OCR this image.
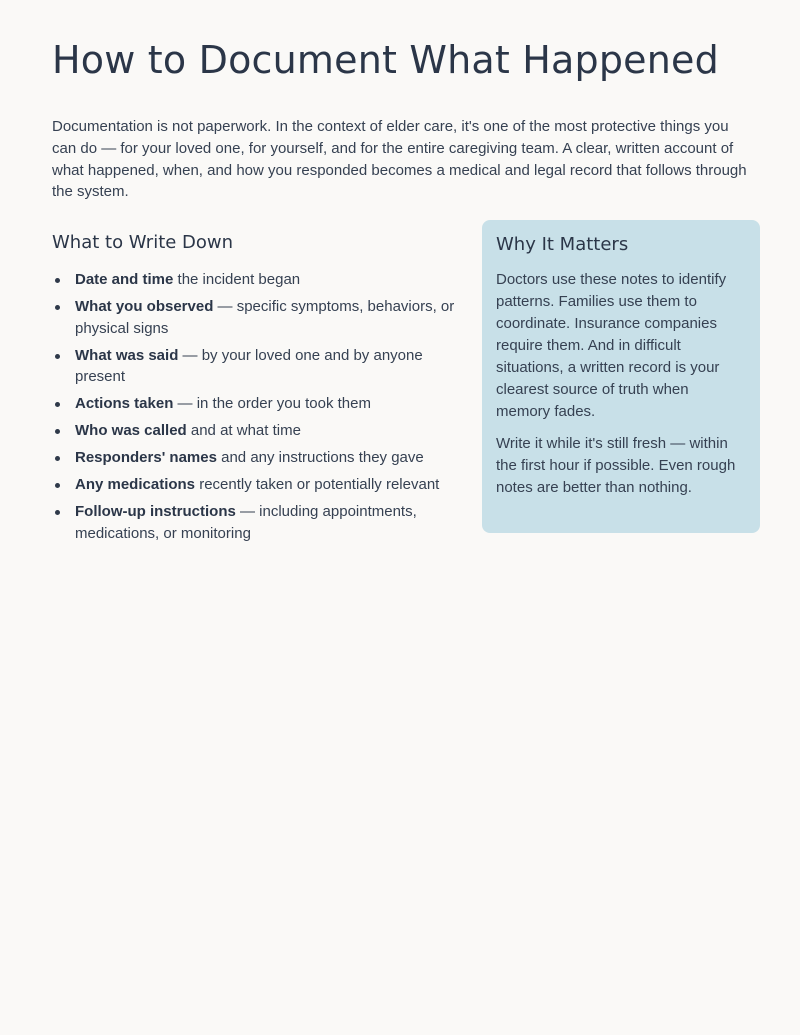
How to Document What Happened

Documentation is not paperwork. In the context of elder care, it's one of the most protective things you can do — for your loved one, for yourself, and for the entire caregiving team. A clear, written account of what happened, when, and how you responded becomes a medical and legal record that follows through the system.

What to Write Down
Date and time the incident began
What you observed — specific symptoms, behaviors, or physical signs
What was said — by your loved one and by anyone present
Actions taken — in the order you took them
Who was called and at what time
Responders' names and any instructions they gave
Any medications recently taken or potentially relevant
Follow-up instructions — including appointments, medications, or monitoring
Why It Matters

Doctors use these notes to identify patterns. Families use them to coordinate. Insurance companies require them. And in difficult situations, a written record is your clearest source of truth when memory fades.

Write it while it's still fresh — within the first hour if possible. Even rough notes are better than nothing.
